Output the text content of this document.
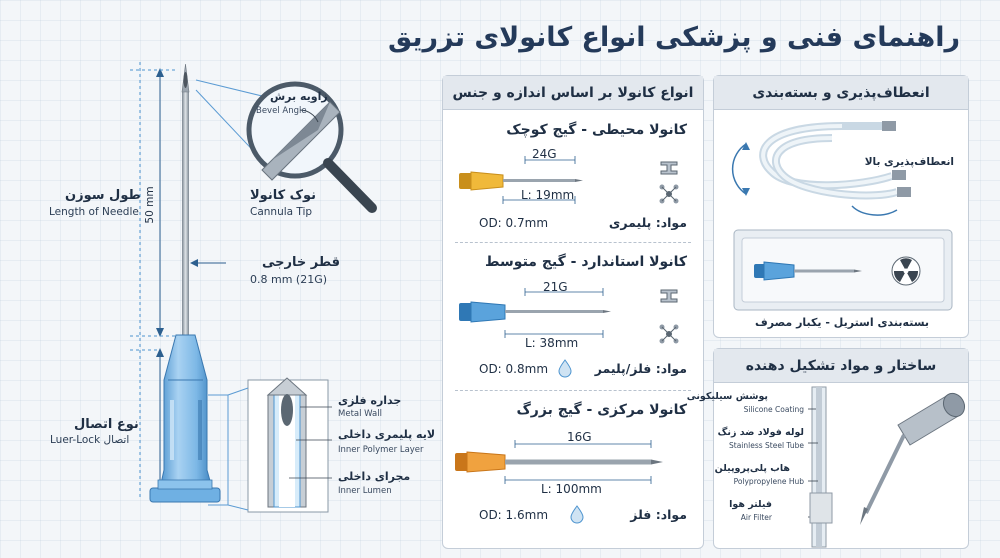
راهنمای فنی و پزشکی انواع کانولای تزریق
50 mm
زاویه برش
Bevel Angle
نوک کانولا
Cannula Tip
طول سوزن
Length of Needle
قطر خارجی
0.8 mm (21G)
نوع اتصال
Luer-Lock اتصال
جداره فلزی
Metal Wall
لایه پلیمری داخلی
Inner Polymer Layer
مجرای داخلی
Inner Lumen
انواع کانولا بر اساس اندازه و جنس
کانولا محیطی - گیج کوچک
24G
L: 19mm
OD: 0.7mm	مواد: پلیمری
کانولا استاندارد - گیج متوسط
21G
L: 38mm
OD: 0.8mm	مواد: فلز/پلیمر
کانولا مرکزی - گیج بزرگ
16G
L: 100mm
OD: 1.6mm	مواد: فلز
انعطاف‌پذیری و بسته‌بندی
انعطاف‌پذیری بالا
بسته‌بندی استریل - یکبار مصرف
ساختار و مواد تشکیل دهنده
پوشش سیلیکونی
Silicone Coating
لوله فولاد ضد زنگ
Stainless Steel Tube
هاب پلی‌پروپیلن
Polypropylene Hub
فیلتر هوا
Air Filter
